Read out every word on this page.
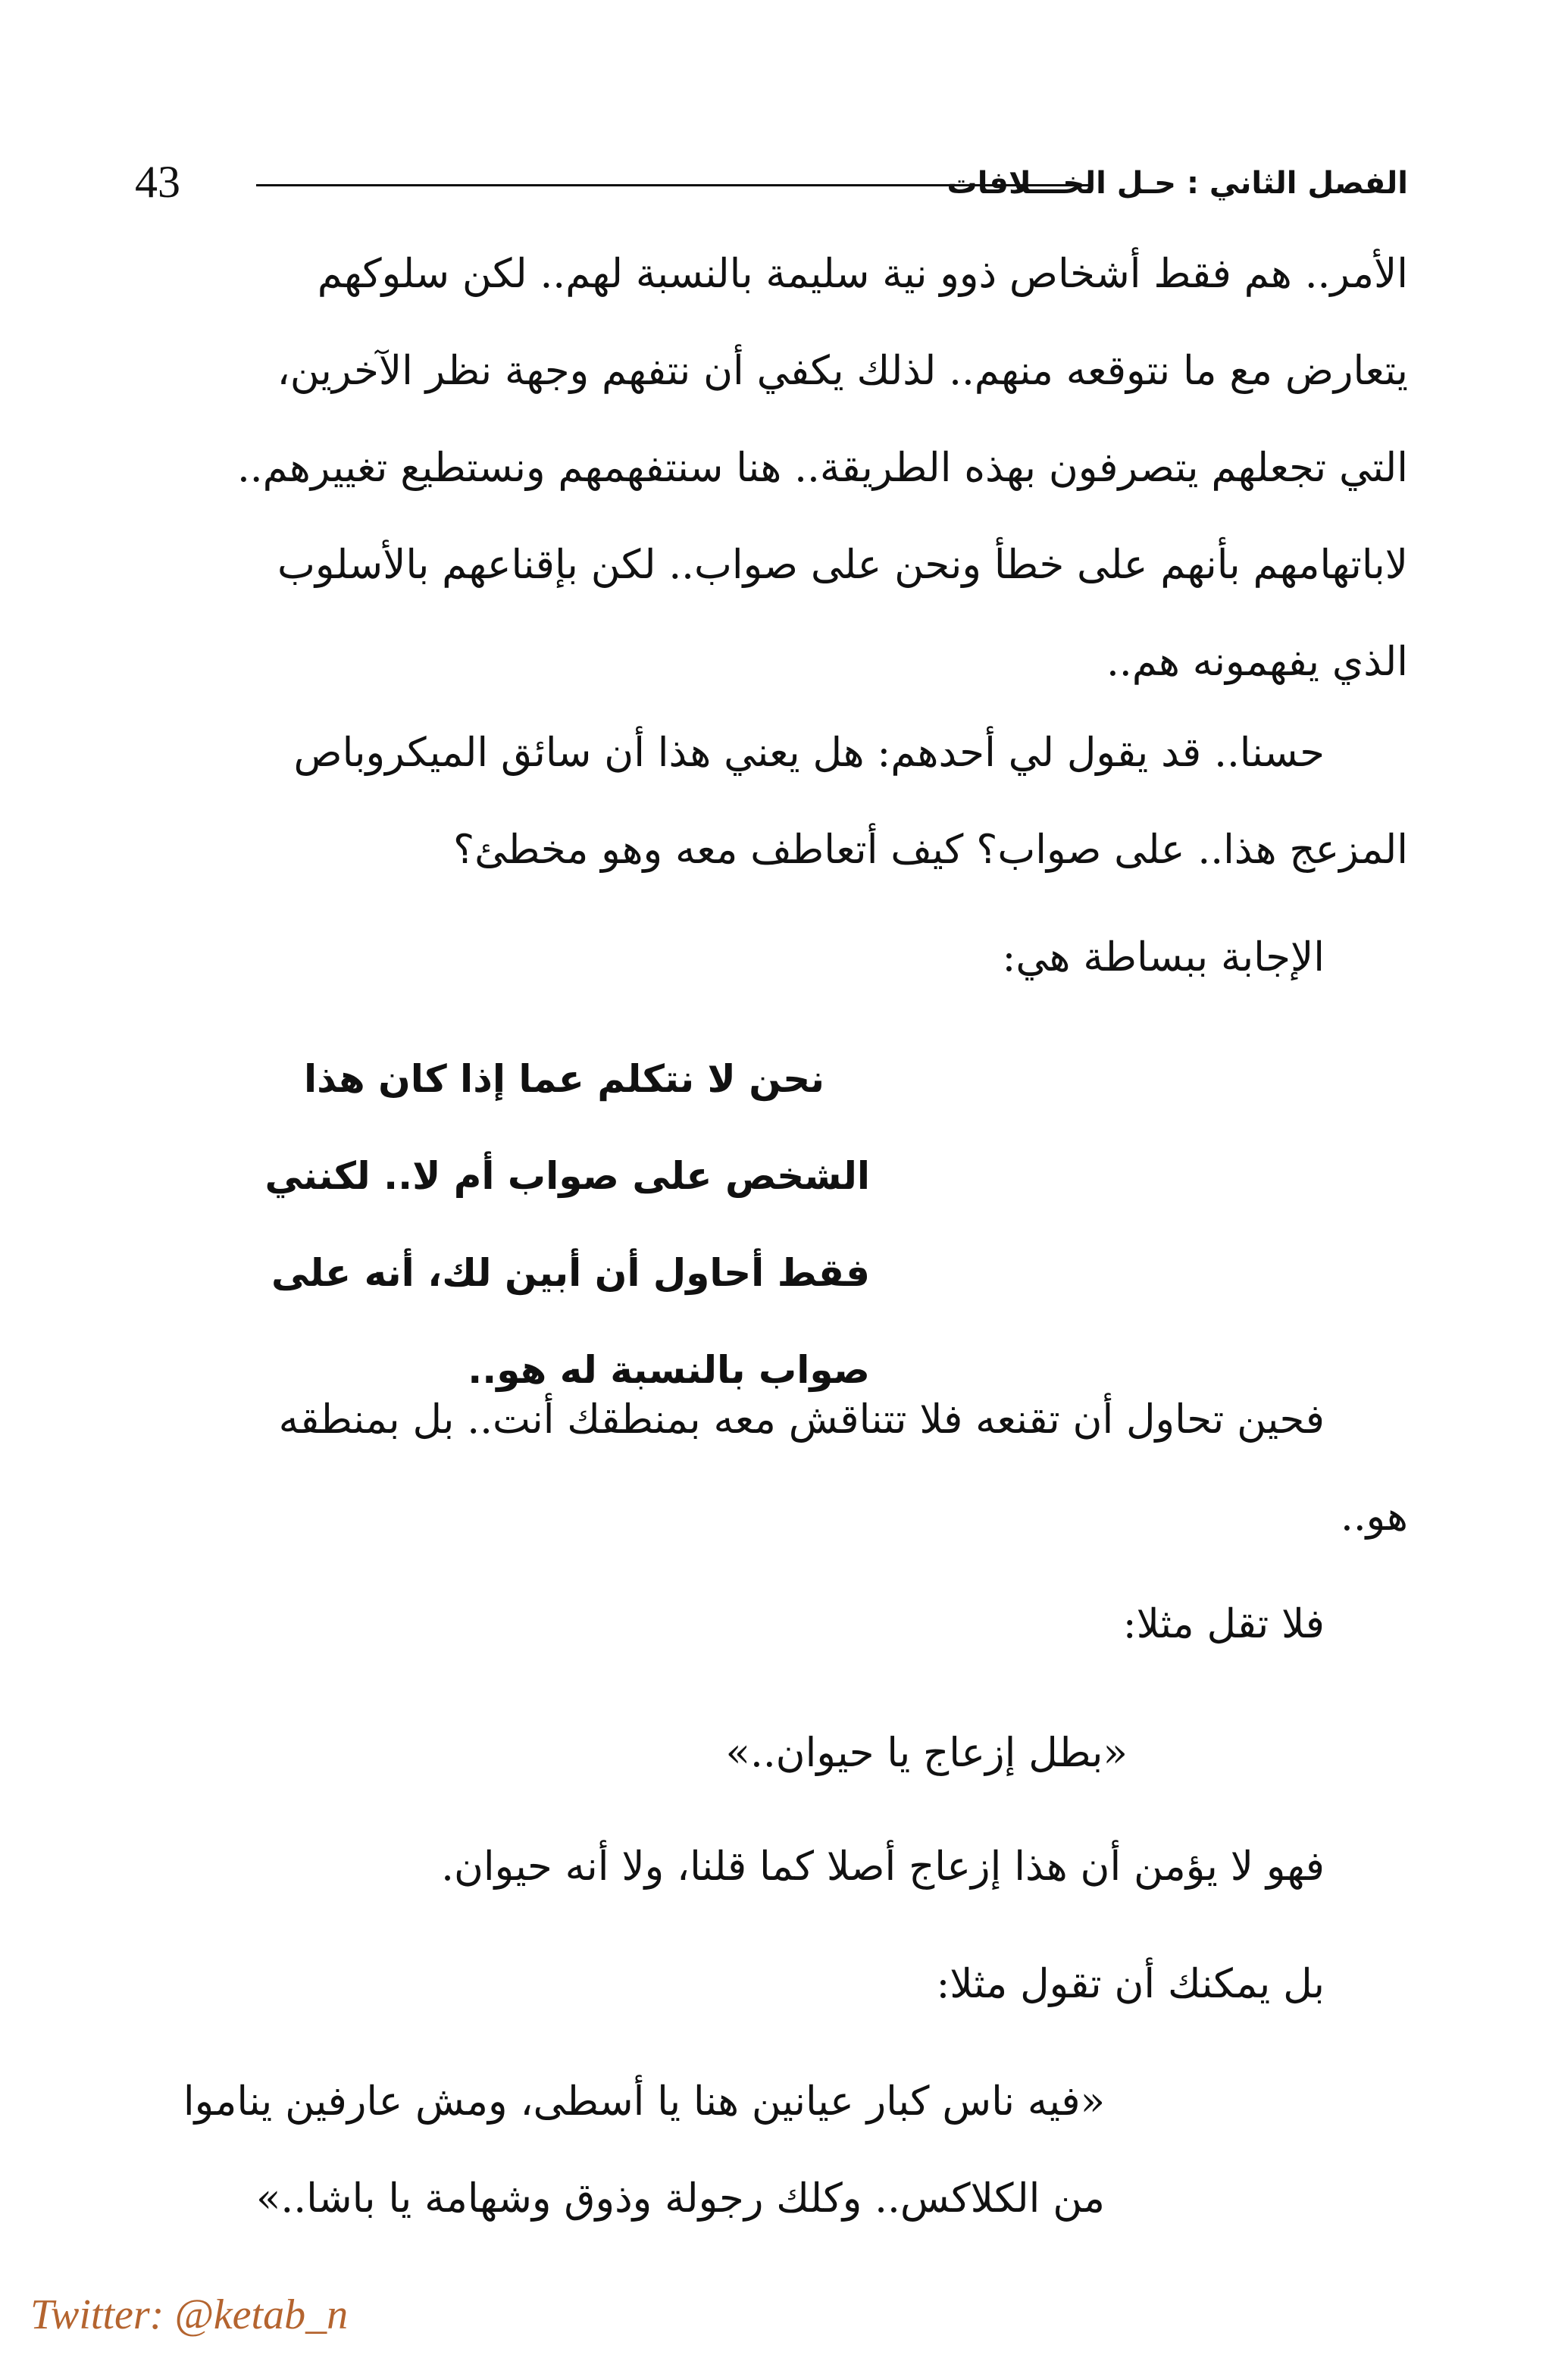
43	الفصل الثاني : حـل الخـــلافات
الأمر.. هم فقط أشخاص ذوو نية سليمة بالنسبة لهم.. لكن سلوكهم
يتعارض مع ما نتوقعه منهم.. لذلك يكفي أن نتفهم وجهة نظر الآخرين،
التي تجعلهم يتصرفون بهذه الطريقة.. هنا سنتفهمهم ونستطيع تغييرهم..
لاباتهامهم بأنهم على خطأ ونحن على صواب.. لكن بإقناعهم بالأسلوب
الذي يفهمونه هم..
حسنا.. قد يقول لي أحدهم: هل يعني هذا أن سائق الميكروباص
المزعج هذا.. على صواب؟ كيف أتعاطف معه وهو مخطئ؟
الإجابة ببساطة هي:
نحن لا نتكلم عما إذا كان هذا
الشخص على صواب أم لا.. لكنني
فقط أحاول أن أبين لك، أنه على
صواب بالنسبة له هو..
فحين تحاول أن تقنعه فلا تتناقش معه بمنطقك أنت.. بل بمنطقه
هو..
فلا تقل مثلا:
«بطل إزعاج يا حيوان..»
فهو لا يؤمن أن هذا إزعاج أصلا كما قلنا، ولا أنه حيوان.
بل يمكنك أن تقول مثلا:
«فيه ناس كبار عيانين هنا يا أسطى، ومش عارفين يناموا
من الكلاكس.. وكلك رجولة وذوق وشهامة يا باشا..»
Twitter: @ketab_n
